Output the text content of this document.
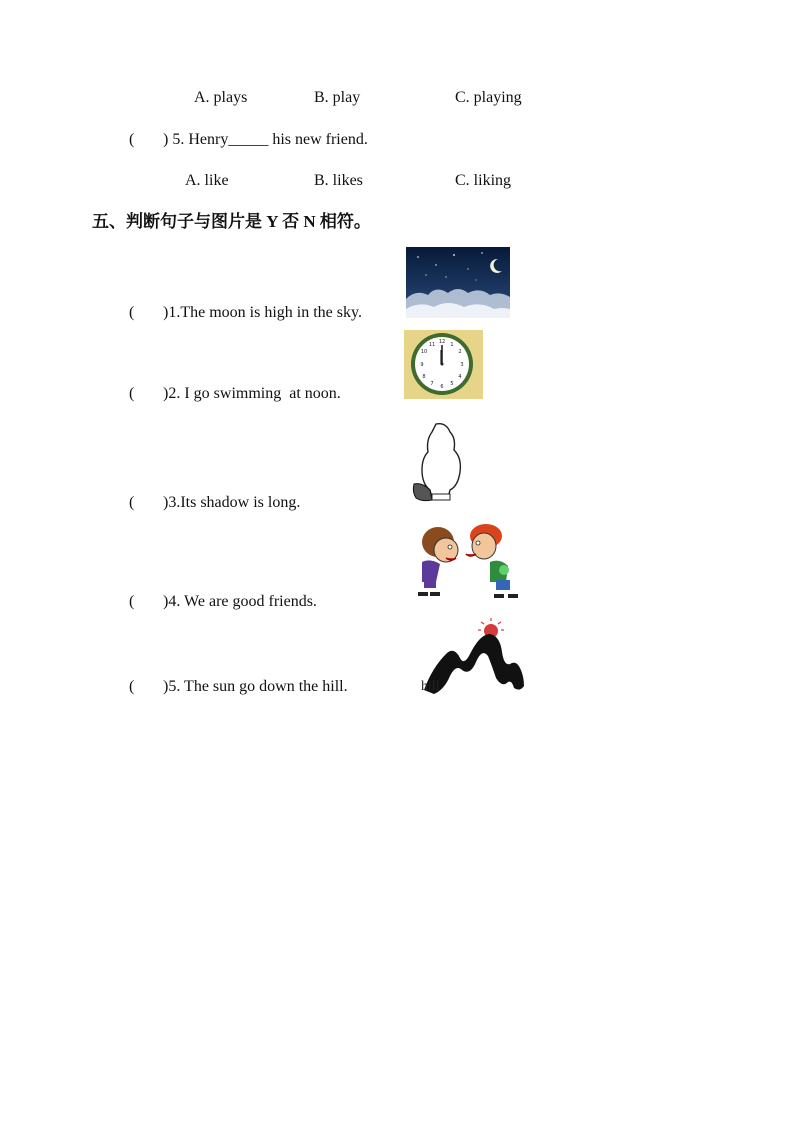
A. plays	B. play	C. playing
( ) 5. Henry_____ his new friend.
A. like	B. likes	C. liking
五、判断句子与图片是 Y 否 N 相符。
( )1.The moon is high in the sky.
( )2. I go swimming  at noon.
12 1
2
3
4
5
6
7
8
9
10
11
( )3.Its shadow is long.
( )4. We are good friends.
( )5. The sun go down the hill.	hill
